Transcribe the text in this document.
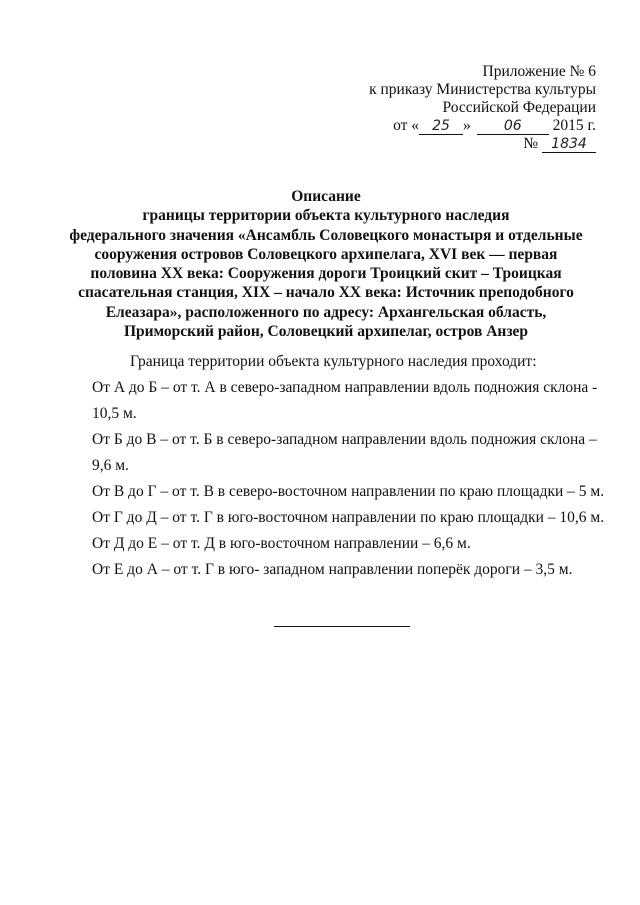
Приложение № 6
к приказу Министерства культуры
Российской Федерации
от « 25 » 06 2015 г.
№ 1834
Описание
границы территории объекта культурного наследия
федерального значения «Ансамбль Соловецкого монастыря и отдельные
сооружения островов Соловецкого архипелага, XVI век — первая
половина XX века: Сооружения дороги Троицкий скит – Троицкая
спасательная станция, XIX – начало XX века: Источник преподобного
Елеазара», расположенного по адресу: Архангельская область,
Приморский район, Соловецкий архипелаг, остров Анзер
Граница территории объекта культурного наследия проходит:
От А до Б – от т. А в северо-западном направлении вдоль подножия склона -
10,5 м.
От Б до В – от т. Б в северо-западном направлении вдоль подножия склона –
9,6 м.
От В до Г – от т. В в северо-восточном направлении по краю площадки – 5 м.
От Г до Д – от т. Г в юго-восточном направлении по краю площадки – 10,6 м.
От Д до Е – от т. Д в юго-восточном направлении – 6,6 м.
От Е до А – от т. Г в юго- западном направлении поперёк дороги – 3,5 м.
